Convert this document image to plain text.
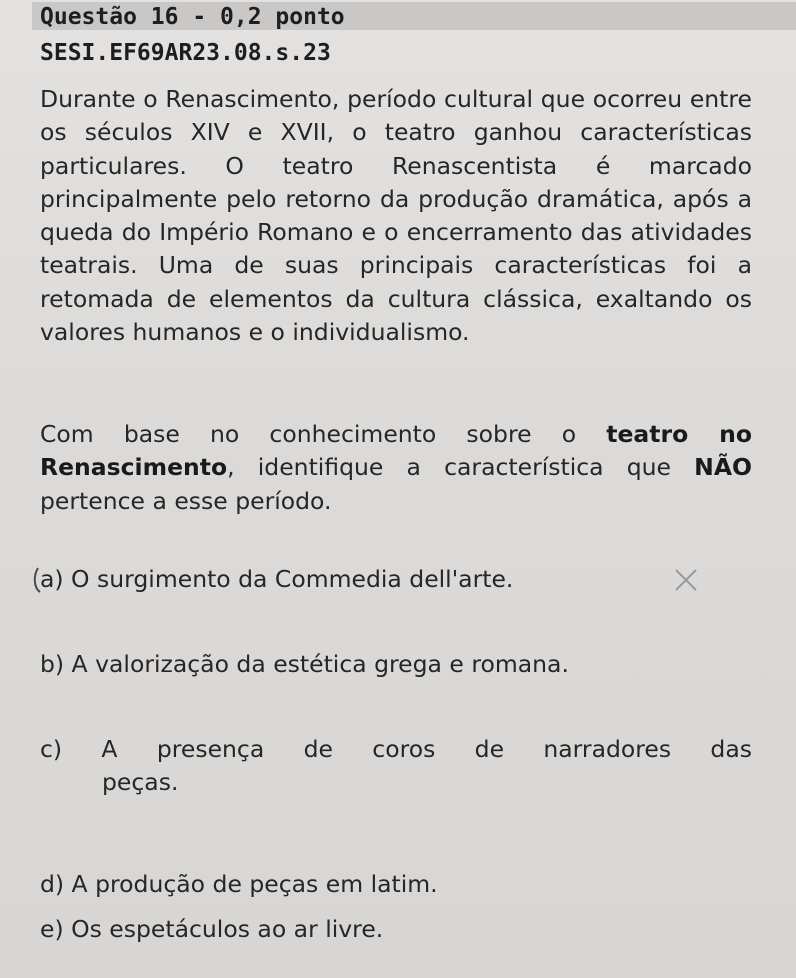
Questão 16 - 0,2 ponto
SESI.EF69AR23.08.s.23
Durante o Renascimento, período cultural que ocorreu entre os séculos XIV e XVII, o teatro ganhou características particulares. O teatro Renascentista é marcado principalmente pelo retorno da produção dramática, após a queda do Império Romano e o encerramento das atividades teatrais. Uma de suas principais características foi a retomada de elementos da cultura clássica, exaltando os valores humanos e o individualismo.
Com base no conhecimento sobre o teatro no Renascimento, identifique a característica que NÃO pertence a esse período.
a) O surgimento da Commedia dell'arte.
b) A valorização da estética grega e romana.
c) A presença de coros de narradores das
peças.
d) A produção de peças em latim.
e) Os espetáculos ao ar livre.
